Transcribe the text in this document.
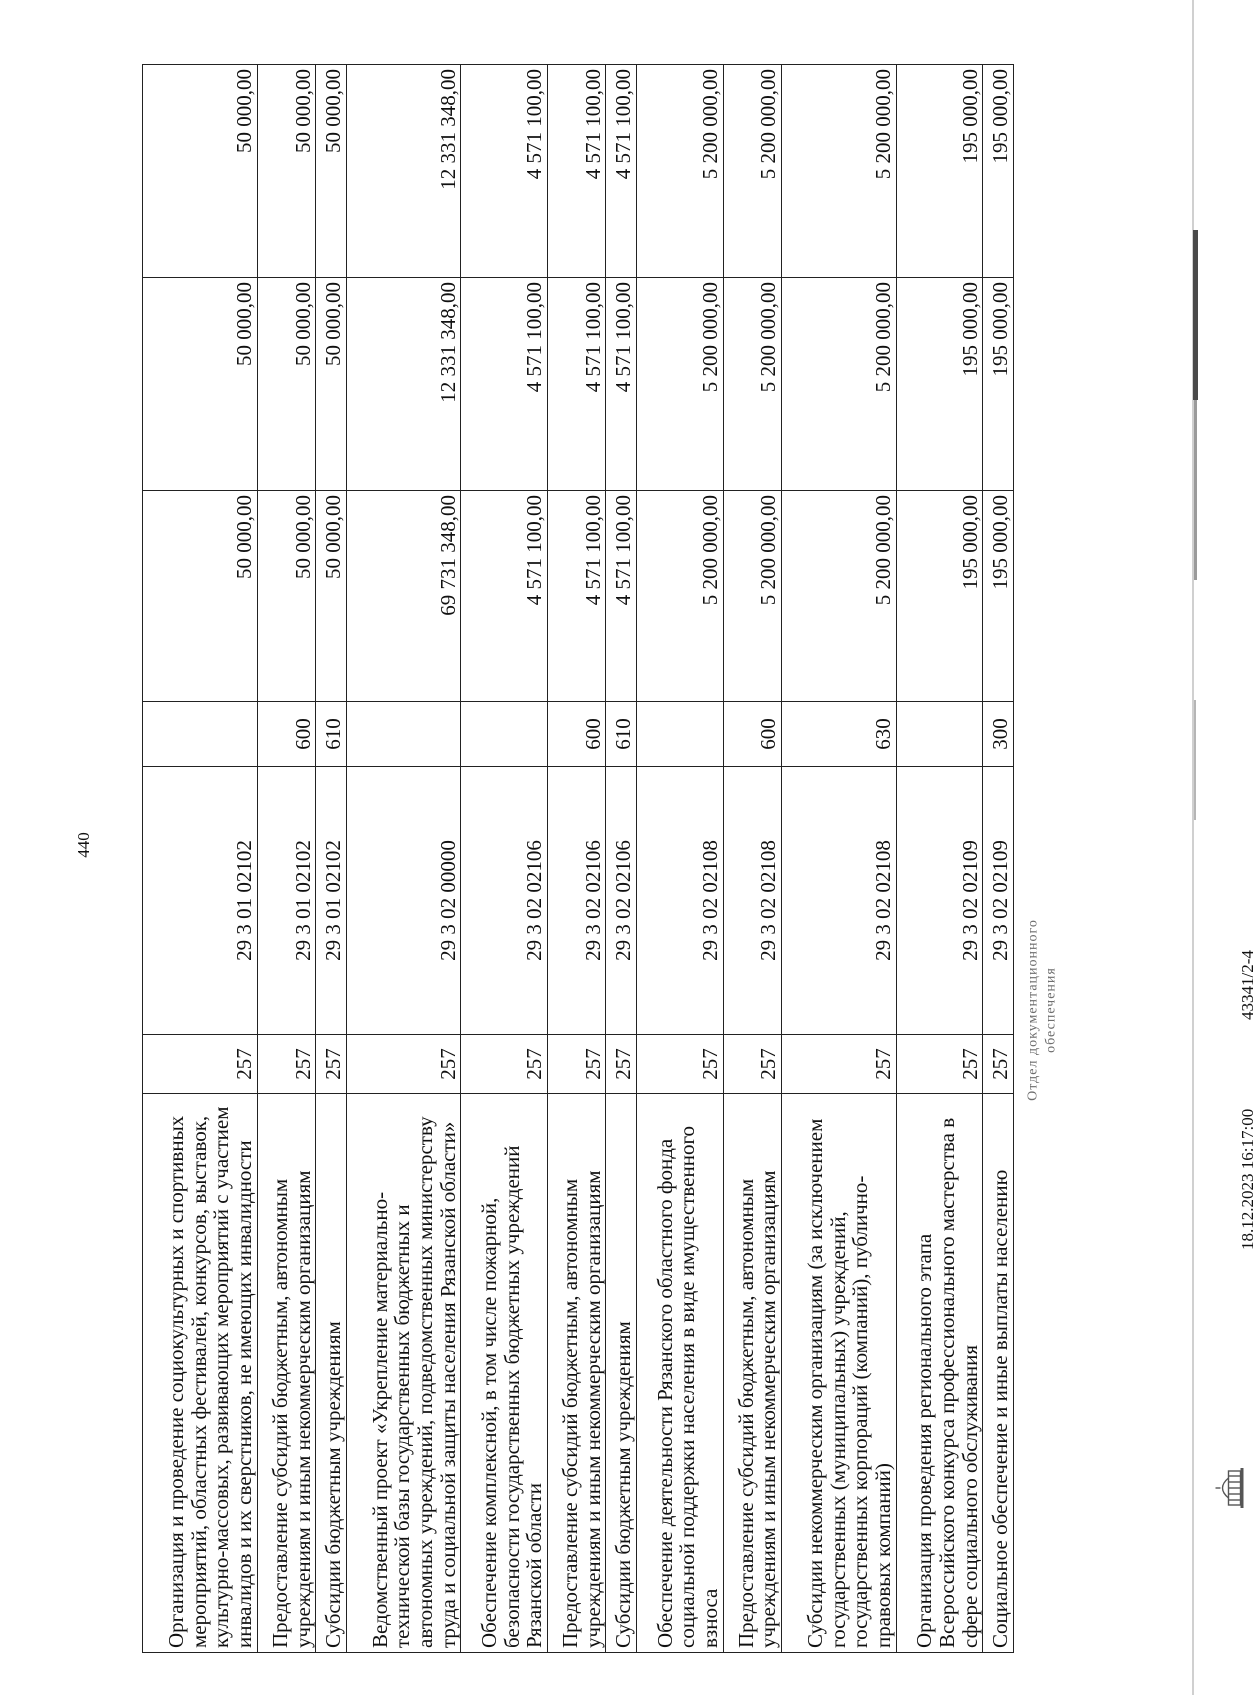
440
Организация и проведение социокультурных и спортивных мероприятий, областных фестивалей, конкурсов, выставок, культурно-массовых, развивающих мероприятий с участием инвалидов и их сверстников, не имеющих инвалидности	257	29 3 01 02102		50 000,00	50 000,00	50 000,00
Предоставление субсидий бюджетным, автономным учреждениям и иным некоммерческим организациям	257	29 3 01 02102	600	50 000,00	50 000,00	50 000,00
Субсидии бюджетным учреждениям	257	29 3 01 02102	610	50 000,00	50 000,00	50 000,00
Ведомственный проект «Укрепление материально-технической базы государственных бюджетных и автономных учреждений, подведомственных министерству труда и социальной защиты населения Рязанской области»	257	29 3 02 00000		69 731 348,00	12 331 348,00	12 331 348,00
Обеспечение комплексной, в том числе пожарной, безопасности государственных бюджетных учреждений Рязанской области	257	29 3 02 02106		4 571 100,00	4 571 100,00	4 571 100,00
Предоставление субсидий бюджетным, автономным учреждениям и иным некоммерческим организациям	257	29 3 02 02106	600	4 571 100,00	4 571 100,00	4 571 100,00
Субсидии бюджетным учреждениям	257	29 3 02 02106	610	4 571 100,00	4 571 100,00	4 571 100,00
Обеспечение деятельности Рязанского областного фонда социальной поддержки населения в виде имущественного взноса	257	29 3 02 02108		5 200 000,00	5 200 000,00	5 200 000,00
Предоставление субсидий бюджетным, автономным учреждениям и иным некоммерческим организациям	257	29 3 02 02108	600	5 200 000,00	5 200 000,00	5 200 000,00
Субсидии некоммерческим организациям (за исключением государственных (муниципальных) учреждений, государственных корпораций (компаний), публично-правовых компаний)	257	29 3 02 02108	630	5 200 000,00	5 200 000,00	5 200 000,00
Организация проведения регионального этапа Всероссийского конкурса профессионального мастерства в сфере социального обслуживания	257	29 3 02 02109		195 000,00	195 000,00	195 000,00
Социальное обеспечение и иные выплаты населению	257	29 3 02 02109	300	195 000,00	195 000,00	195 000,00
18.12.2023 16:17:00
43341/2-4
Отдел документационного обеспечения
